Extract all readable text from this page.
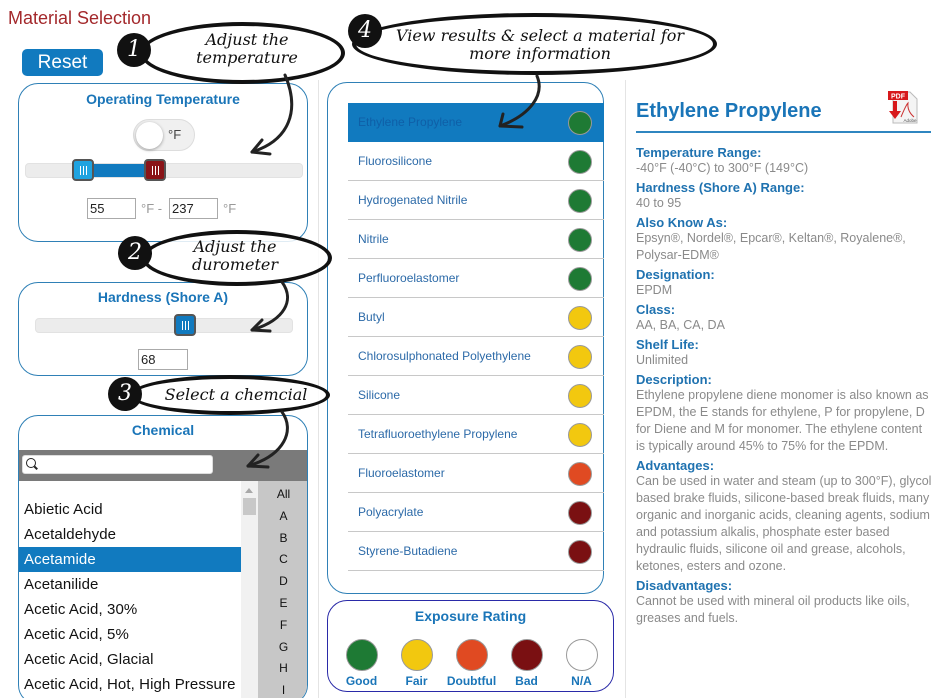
Material Selection
Reset
Operating Temperature
°F
55
°F -
237	°F
Hardness (Shore A)
68
Chemical
Abietic Acid
Acetaldehyde
Acetamide
Acetanilide
Acetic Acid, 30%
Acetic Acid, 5%
Acetic Acid, Glacial
Acetic Acid, Hot, High Pressure
All
A
B
C
D
E
F
G
H
I
Ethylene Propylene
Fluorosilicone
Hydrogenated Nitrile
Nitrile
Perfluoroelastomer
Butyl
Chlorosulphonated Polyethylene
Silicone
Tetrafluoroethylene Propylene
Fluoroelastomer
Polyacrylate
Styrene-Butadiene
Exposure Rating
Good Fair Doubtful Bad	N/A
Ethylene Propylene
Temperature Range:
-40°F (-40°C) to 300°F (149°C)
Hardness (Shore A) Range:
40 to 95
Also Know As:
Epsyn®, Nordel®, Epcar®, Keltan®, Royalene®, Polysar-EDM®
Designation:
EPDM
Class:
AA, BA, CA, DA
Shelf Life:
Unlimited
Description:
Ethylene propylene diene monomer is also known as EPDM, the E stands for ethylene, P for propylene, D for Diene and M for monomer. The ethylene content is typically around 45% to 75% for the EPDM.
Advantages:
Can be used in water and steam (up to 300°F), glycol based brake fluids, silicone-based break fluids, many organic and inorganic acids, cleaning agents, sodium and potassium alkalis, phosphate ester based hydraulic fluids, silicone oil and grease, alcohols, ketones, esters and ozone.
Disadvantages:
Cannot be used with mineral oil products like oils, greases and fuels.
PDF
Adobe
Adjust the temperature
1
Adjust the durometer
2
Select a chemcial
3
View results & select a material for more information
4
